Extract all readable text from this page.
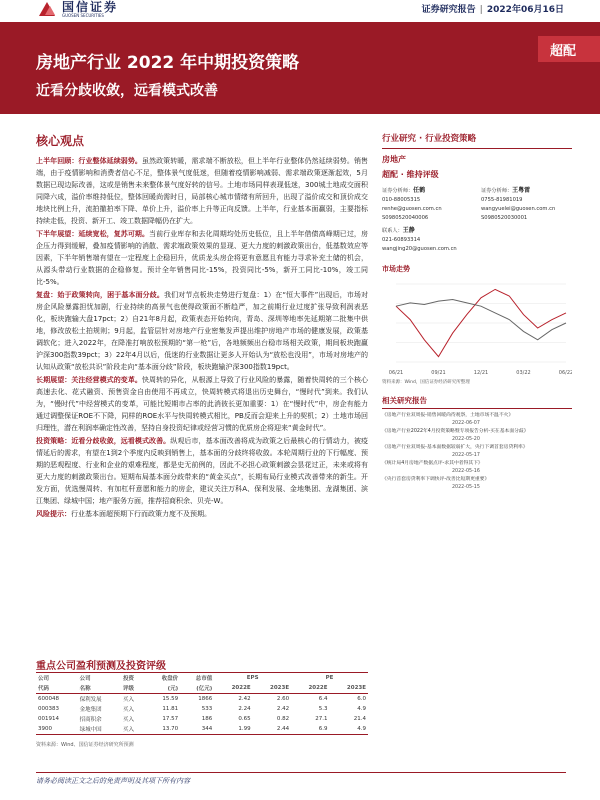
国信证券
GUOSEN SECURITIES	证券研究报告 | 2022年06月16日
房地产行业 2022 年中期投资策略
近看分歧收敛，远看模式改善
超配
核心观点
上半年回顾：行业整体延续弱势。虽然政策转暖，需求端不断放松，但上半年行业整体仍然延续弱势。销售端，由于疫情影响和消费者信心不足，整体景气度低迷，但随着疫情影响减弱、需求端政策逐渐起效，5月数据已现边际改善，这或是销售未来整体景气度好转的信号。土地市场同样表现低迷，300城土地成交面积同降六成，溢价率维持低位，整体回暖尚需时日，局部核心城市情绪有所回升，出现了溢价成交和顶价成交地块比例上升，流拍撤拍率下降、单价上升，溢价率上升等正向反馈。上半年，行业基本面赢弱，主要指标持续走低，投资、新开工、竣工数据降幅仍在扩大。
下半年展望：延续宽松，复苏可期。当前行业库存和去化周期均处历史低位，且上半年借债高峰期已过，房企压力得到缓解，叠加疫情影响的消散、需求端政策效果的显现、更大力度的刺激政策出台，低基数效应等因素，下半年销售端有望在一定程度上企稳回升，优质龙头房企将更有意愿且有能力寻求补充土储的机会，从源头带动行业数据的企稳修复。预计全年销售同比-15%，投资同比-5%，新开工同比-10%，竣工同比-5%。
复盘：始于政策转向，困于基本面分歧。我们对节点板块走势进行复盘：1）在“恒大事件”出现后，市场对房企风险暴露担忧加剧，行业持续的高景气也使得政策面不断趋严，加之前期行业过度扩张导致利润表恶化，板块跑输大盘17pct；2）自21年8月起，政策表态开始转向，青岛、深圳等地率先延期第二批集中供地，修改放松土拍规则；9月起，监管层针对房地产行业密集发声提出维护房地产市场的健康发展，政策基调软化；进入2022年，在降准打响放松预期的“第一枪”后，各地频频出台稳市场相关政策，期间板块跑赢沪深300指数39pct；3）22年4月以后，低迷的行业数据让更多人开始认为“放松也没用”，市场对房地产的认知从政策“放松共识”阶段走向“基本面分歧”阶段，板块跑输沪深300指数19pct。
长期展望：关注经营模式的变革。快周转的异化，从根源上导致了行业风险的暴露，随着快周转的三个核心高速去化、花式融资、预售资金自由使用不再成立，快周转模式将退出历史舞台，“慢时代”到来。我们认为，“慢时代”中经营模式的变革，可能比短期市占率的此消彼长更加重要：1）在“慢时代”中，房企有能力通过调整保证ROE不下降，同样的ROE水平与快周转模式相比，PB反而会迎来上升的契机；2）土地市场回归理性，潜在利润率确定性改善，坚持自身投资纪律或经营习惯的优质房企将迎来“黄金时代”。
投资策略：近看分歧收敛，远看模式改善。纵观后市，基本面改善将成为政策之后最核心的行情动力，被疫情延后的需求，有望在1到2个季度内反映到销售上，基本面的分歧终将收敛。本轮周期行业的下行幅度、预期的恶观程度、行业和企业的艰难程度，都是史无前例的，因此不必担心政策刺激会昙花过正，未来或将有更大力度的刺激政策出台。短期布局基本面分歧带来的“黄金买点”，长期布局行业模式改善带来的新生。开发方面，优选慢周转、有加杠杆意愿和能力的房企，建议关注万科A、保利发展、金地集团、龙湖集团、滨江集团、绿城中国；地产服务方面，推荐招商积余、贝壳-W。
风险提示：行业基本面超预期下行而政策力度不及预期。
行业研究 · 行业投资策略
房地产
超配 · 维持评级
证券分析师：任鹤
010-88005315
renhe@guosen.com.cn
S0980520040006
证券分析师：王粤雷
0755-81981019
wangyuelei@guosen.com.cn
S0980520030001
联系人：王静
021-60893314
wangjing20@guosen.com.cn
市场走势
06/21	09/21	12/21	03/22	06/22
资料来源：Wind，国信证券经济研究所整理
相关研究报告
《房地产行业双周报-销售回暖尚待观察，土地市场不温不火》
2022-06-07
《房地产行业2022年4月投资策略暨专项报告分析-买在基本面分歧》
2022-05-20
《房地产行业双周报-基本面数据较弱扩大，央行下调首套房贷利率》
2022-05-17
《统计局4月房地产数据点评-求其中者得其下》
2022-05-16
《央行首套房贷利率下调快评-改善比短期更重要》
2022-05-15
重点公司盈利预测及投资评级
公司	公司	投资	收盘价	总市值	EPS		PE	
代码	名称	评级	(元)	(亿元)	2022E	2023E	2022E	2023E
600048	保利发展	买入	15.59	1866	2.42	2.60	6.4	6.0
000383	金地集团	买入	11.81	533	2.24	2.42	5.3	4.9
001914	招商积余	买入	17.57	186	0.65	0.82	27.1	21.4
3900	绿城中国	买入	13.70	344	1.99	2.44	6.9	4.9
资料来源：Wind、国信证券经济研究所预测
请务必阅读正文之后的免责声明及其项下所有内容
